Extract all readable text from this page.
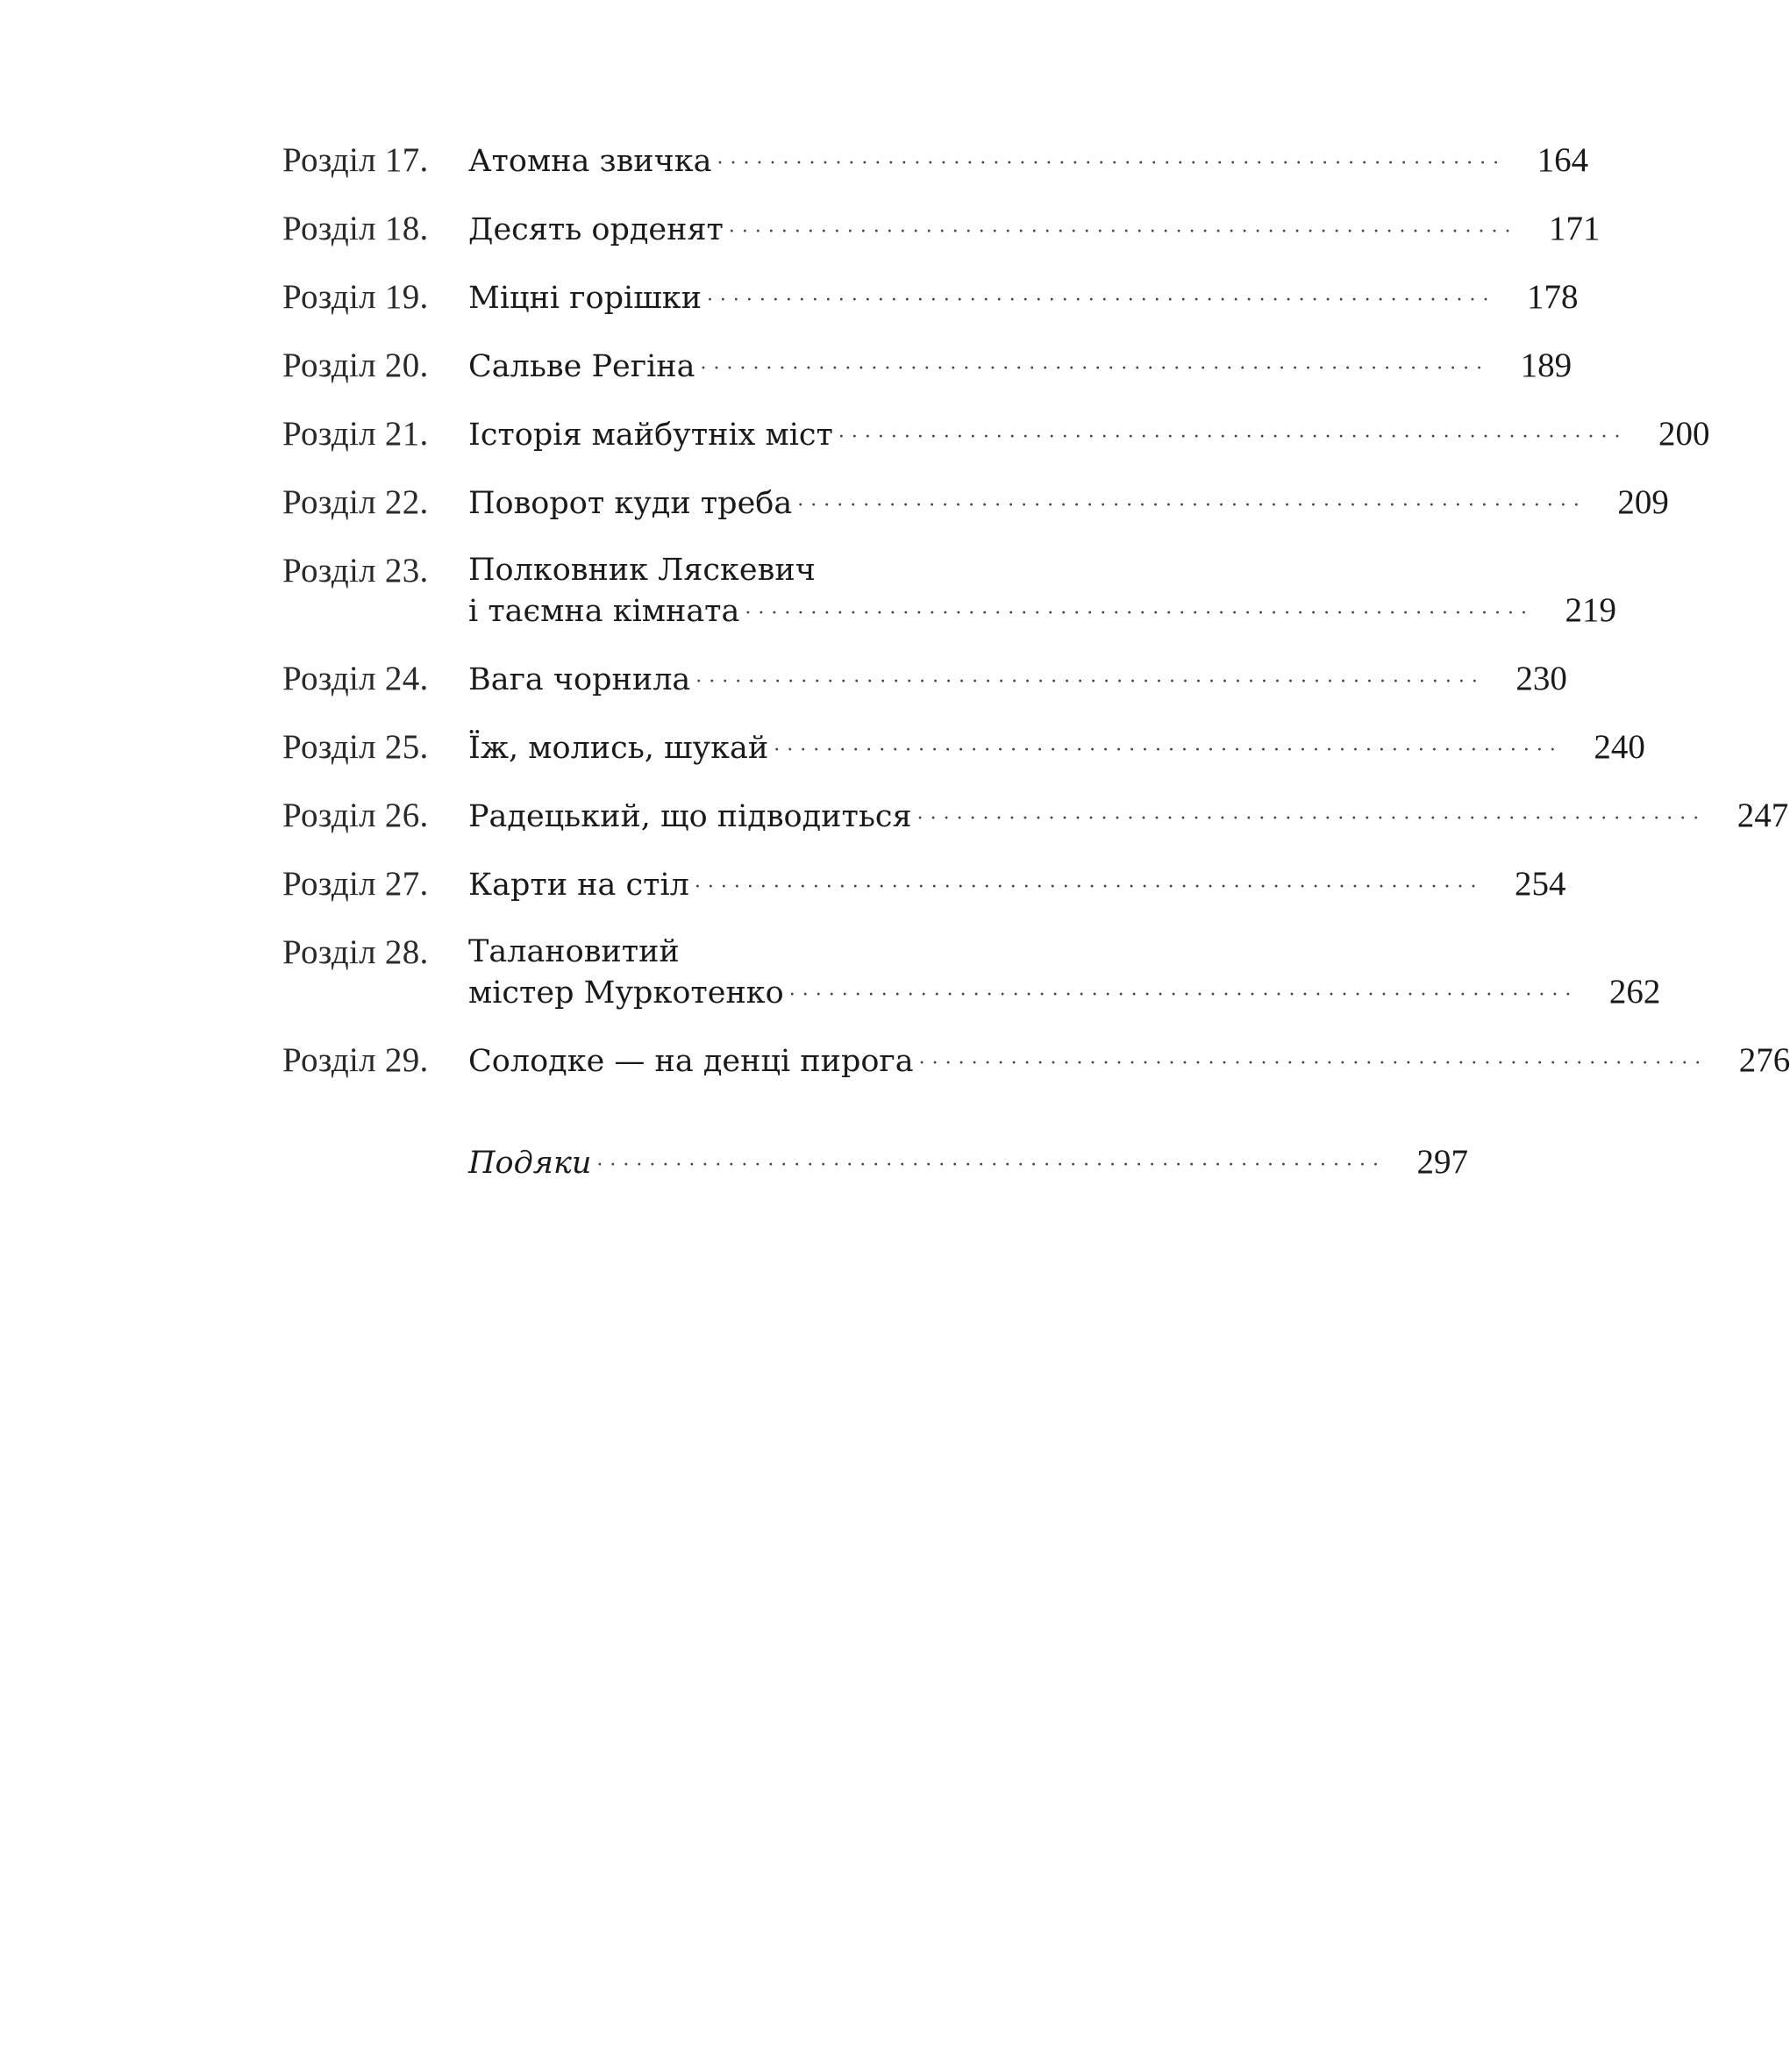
Розділ 17.	Атомна звичка ···························································· 164
Розділ 18.	Десять орденят ···························································· 171
Розділ 19.	Міцні горішки ···························································· 178
Розділ 20.	Сальве Регіна ···························································· 189
Розділ 21.	Історія майбутніх міст ···························································· 200
Розділ 22.	Поворот куди треба ···························································· 209
Розділ 23.	Полковник Ляскевич
і таємна кімната ···························································· 219
Розділ 24.	Вага чорнила ···························································· 230
Розділ 25.	Їж, молись, шукай ···························································· 240
Розділ 26.	Радецький, що підводиться ···························································· 247
Розділ 27.	Карти на стіл ···························································· 254
Розділ 28.	Талановитий
містер Муркотенко ···························································· 262
Розділ 29.	Солодке — на денці пирога ···························································· 276
Подяки ···························································· 297
